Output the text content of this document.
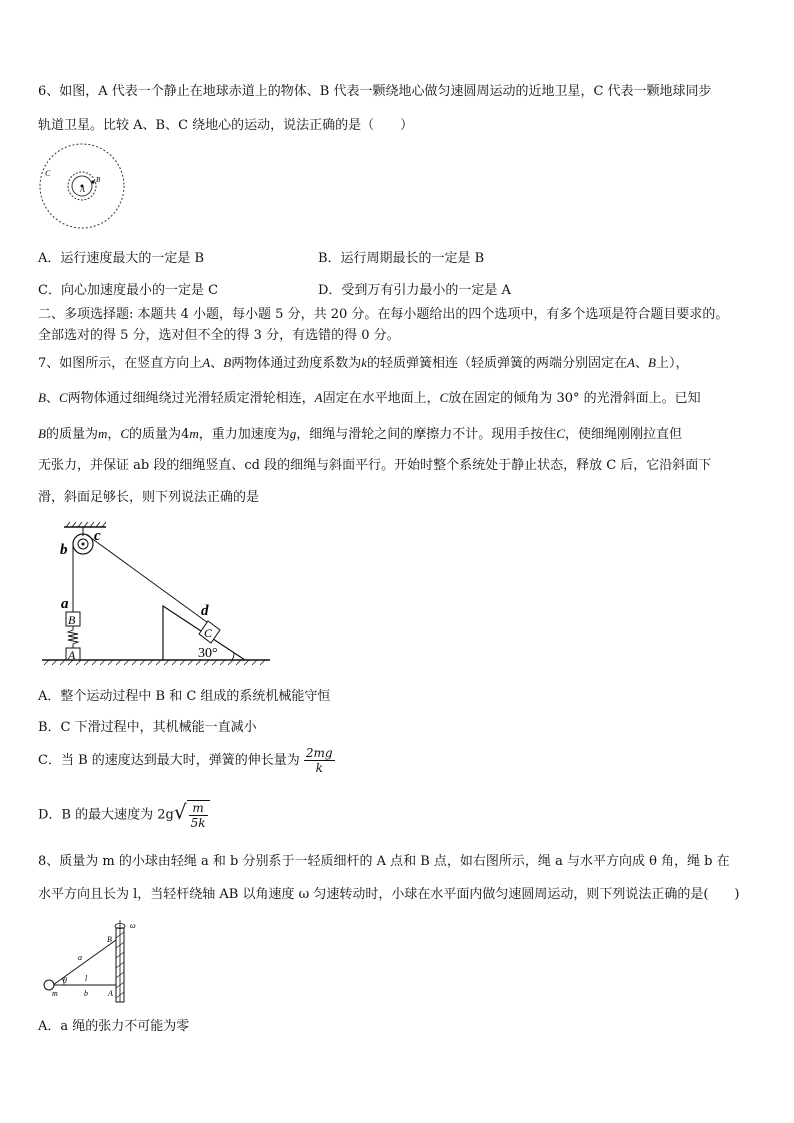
6、如图，A 代表一个静止在地球赤道上的物体、B 代表一颗绕地心做匀速圆周运动的近地卫星，C 代表一颗地球同步
轨道卫星。比较 A、B、C 绕地心的运动，说法正确的是（　　）
C
A
B
A．运行速度最大的一定是 B	B．运行周期最长的一定是 B
C．向心加速度最小的一定是 C	D．受到万有引力最小的一定是 A
二、多项选择题: 本题共 4 小题，每小题 5 分，共 20 分。在每小题给出的四个选项中，有多个选项是符合题目要求的。
全部选对的得 5 分，选对但不全的得 3 分，有选错的得 0 分。
7、如图所示，在竖直方向上A、B两物体通过劲度系数为k的轻质弹簧相连（轻质弹簧的两端分别固定在A、B上），
B、C两物体通过细绳绕过光滑轻质定滑轮相连，A固定在水平地面上，C放在固定的倾角为 30° 的光滑斜面上。已知
B的质量为m，C的质量为4m，重力加速度为g，细绳与滑轮之间的摩擦力不计。现用手按住C，使细绳刚刚拉直但
无张力，并保证 ab 段的细绳竖直、cd 段的细绳与斜面平行。开始时整个系统处于静止状态，释放 C 后，它沿斜面下
滑，斜面足够长，则下列说法正确的是
b
c
a
B
A
d
C
30°
A．整个运动过程中 B 和 C 组成的系统机械能守恒
B．C 下滑过程中，其机械能一直减小
C．当 B 的速度达到最大时，弹簧的伸长量为 $\frac{2mg}{k}$
D．B 的最大速度为 $2g√ \frac{m}{5k}$
8、质量为 m 的小球由轻绳 a 和 b 分别系于一轻质细杆的 A 点和 B 点，如右图所示，绳 a 与水平方向成 θ 角，绳 b 在
水平方向且长为 l，当轻杆绕轴 AB 以角速度 ω 匀速转动时，小球在水平面内做匀速圆周运动，则下列说法正确的是(　　)
ω
B
a
θ l
m	b	A
A．a 绳的张力不可能为零
